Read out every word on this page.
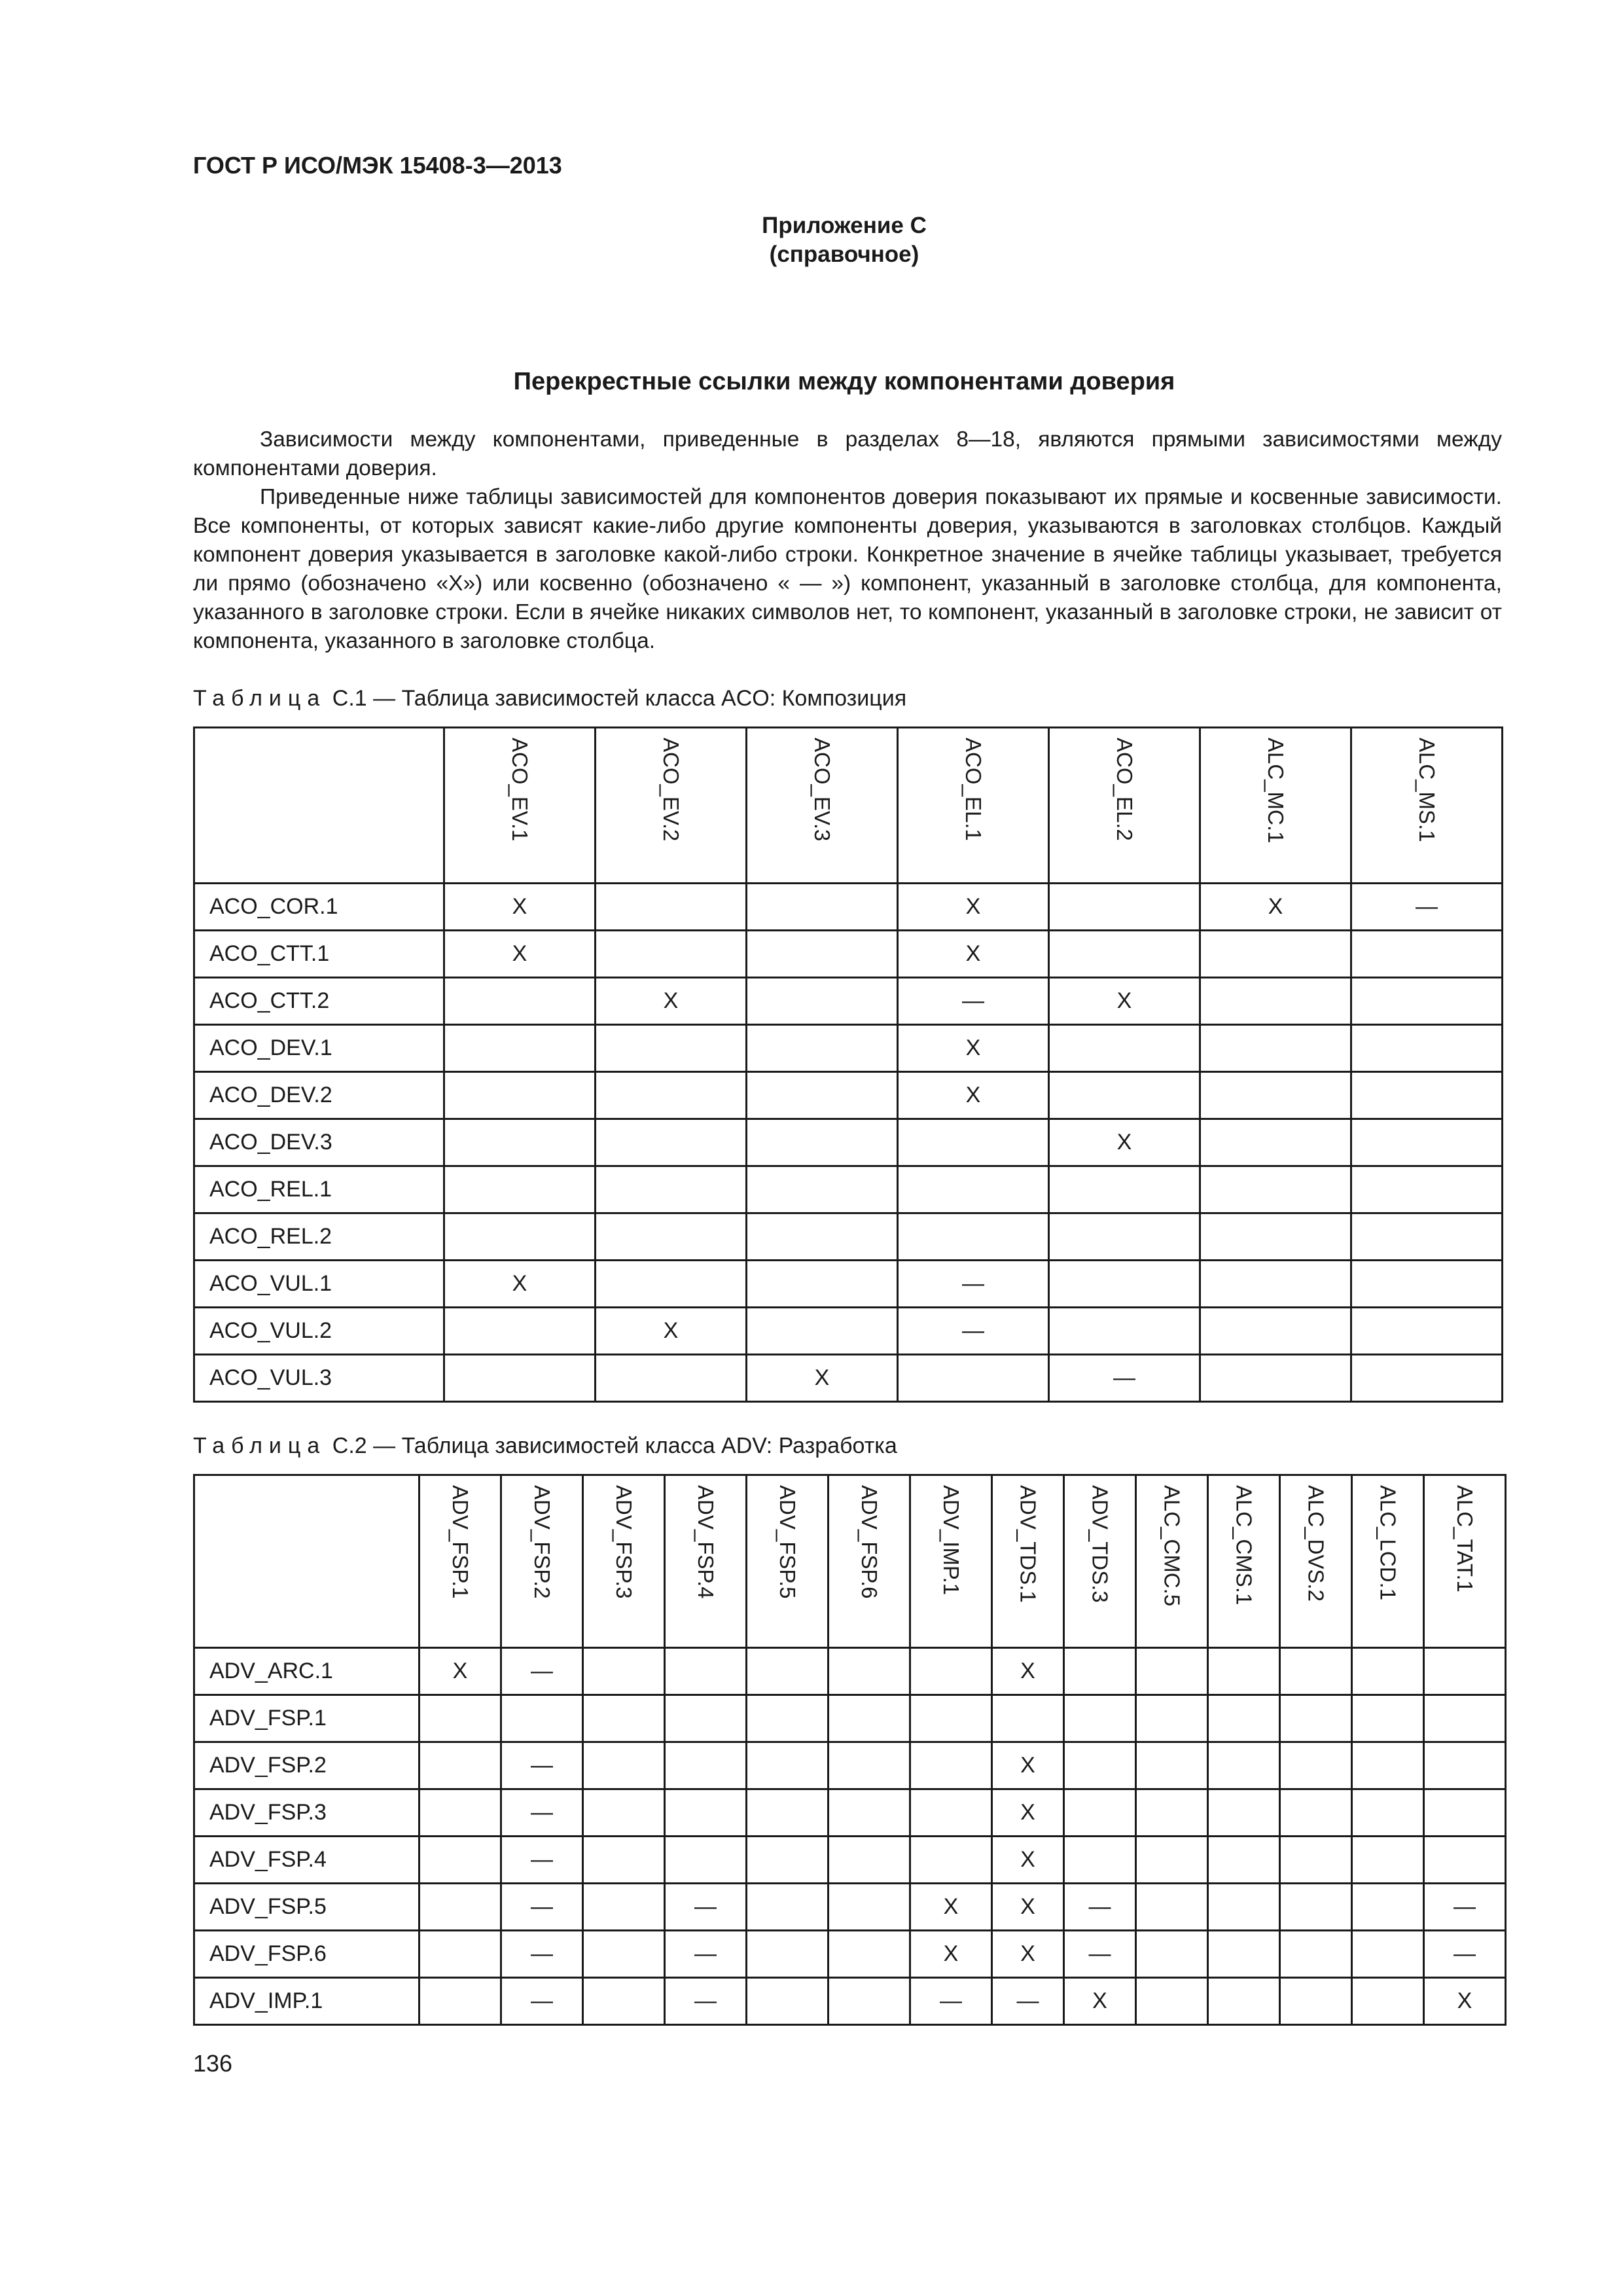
ГОСТ Р ИСО/МЭК 15408-3—2013
Приложение C
(справочное)
Перекрестные ссылки между компонентами доверия

Зависимости между компонентами, приведенные в разделах 8—18, являются прямыми зависимостями между компонентами доверия.

Приведенные ниже таблицы зависимостей для компонентов доверия показывают их прямые и косвенные зависимости. Все компоненты, от которых зависят какие-либо другие компоненты доверия, указываются в заголовках столбцов. Каждый компонент доверия указывается в заголовке какой-либо строки. Конкретное значение в ячейке таблицы указывает, требуется ли прямо (обозначено «X») или косвенно (обозначено « — ») компонент, указанный в заголовке столбца, для компонента, указанного в заголовке строки. Если в ячейке никаких символов нет, то компонент, указанный в заголовке строки, не зависит от компонента, указанного в заголовке столбца.

Таблица C.1 — Таблица зависимостей класса ACO: Композиция
	ACO_EV.1	ACO_EV.2	ACO_EV.3	ACO_EL.1	ACO_EL.2	ALC_MC.1	ALC_MS.1
ACO_COR.1	X			X		X	—
ACO_CTT.1	X			X			
ACO_CTT.2		X		—	X		
ACO_DEV.1				X			
ACO_DEV.2				X			
ACO_DEV.3					X		
ACO_REL.1							
ACO_REL.2							
ACO_VUL.1	X			—			
ACO_VUL.2		X		—			
ACO_VUL.3			X		—		
Таблица C.2 — Таблица зависимостей класса ADV: Разработка
	ADV_FSP.1	ADV_FSP.2	ADV_FSP.3	ADV_FSP.4	ADV_FSP.5	ADV_FSP.6	ADV_IMP.1	ADV_TDS.1	ADV_TDS.3	ALC_CMC.5	ALC_CMS.1	ALC_DVS.2	ALC_LCD.1	ALC_TAT.1
ADV_ARC.1	X	—						X						
ADV_FSP.1														
ADV_FSP.2		—						X						
ADV_FSP.3		—						X						
ADV_FSP.4		—						X						
ADV_FSP.5		—		—			X	X	—					—
ADV_FSP.6		—		—			X	X	—					—
ADV_IMP.1		—		—			—	—	X					X
136
